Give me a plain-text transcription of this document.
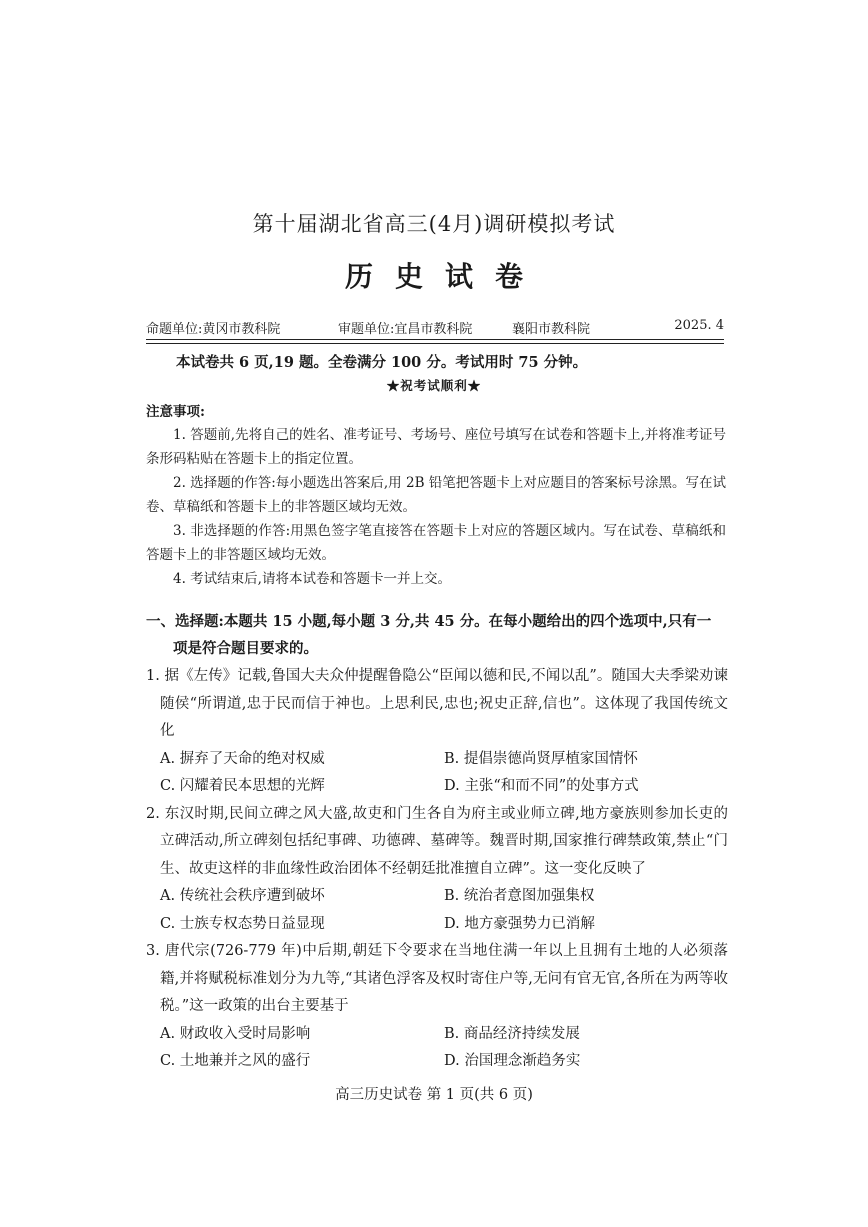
第十届湖北省高三(4月)调研模拟考试
历史试卷
命题单位:黄冈市教科院	审题单位:宜昌市教科院	襄阳市教科院	2025. 4
本试卷共 6 页,19 题。全卷满分 100 分。考试用时 75 分钟。
★祝考试顺利★
注意事项:
1. 答题前,先将自己的姓名、准考证号、考场号、座位号填写在试卷和答题卡上,并将准考证号条形码粘贴在答题卡上的指定位置。
2. 选择题的作答:每小题选出答案后,用 2B 铅笔把答题卡上对应题目的答案标号涂黑。写在试卷、草稿纸和答题卡上的非答题区域均无效。
3. 非选择题的作答:用黑色签字笔直接答在答题卡上对应的答题区域内。写在试卷、草稿纸和答题卡上的非答题区域均无效。
4. 考试结束后,请将本试卷和答题卡一并上交。
一、选择题:本题共 15 小题,每小题 3 分,共 45 分。在每小题给出的四个选项中,只有一
项是符合题目要求的。
1. 据《左传》记载,鲁国大夫众仲提醒鲁隐公“臣闻以德和民,不闻以乱”。随国大夫季梁劝谏随侯“所谓道,忠于民而信于神也。上思利民,忠也;祝史正辞,信也”。这体现了我国传统文化
A. 摒弃了天命的绝对权威	B. 提倡崇德尚贤厚植家国情怀
C. 闪耀着民本思想的光辉	D. 主张“和而不同”的处事方式
2. 东汉时期,民间立碑之风大盛,故吏和门生各自为府主或业师立碑,地方豪族则参加长吏的立碑活动,所立碑刻包括纪事碑、功德碑、墓碑等。魏晋时期,国家推行碑禁政策,禁止“门生、故吏这样的非血缘性政治团体不经朝廷批准擅自立碑”。这一变化反映了
A. 传统社会秩序遭到破坏	B. 统治者意图加强集权
C. 士族专权态势日益显现	D. 地方豪强势力已消解
3. 唐代宗(726-779 年)中后期,朝廷下令要求在当地住满一年以上且拥有土地的人必须落籍,并将赋税标准划分为九等,“其诸色浮客及权时寄住户等,无问有官无官,各所在为两等收税。”这一政策的出台主要基于
A. 财政收入受时局影响	B. 商品经济持续发展
C. 土地兼并之风的盛行	D. 治国理念渐趋务实
高三历史试卷 第 1 页(共 6 页)
